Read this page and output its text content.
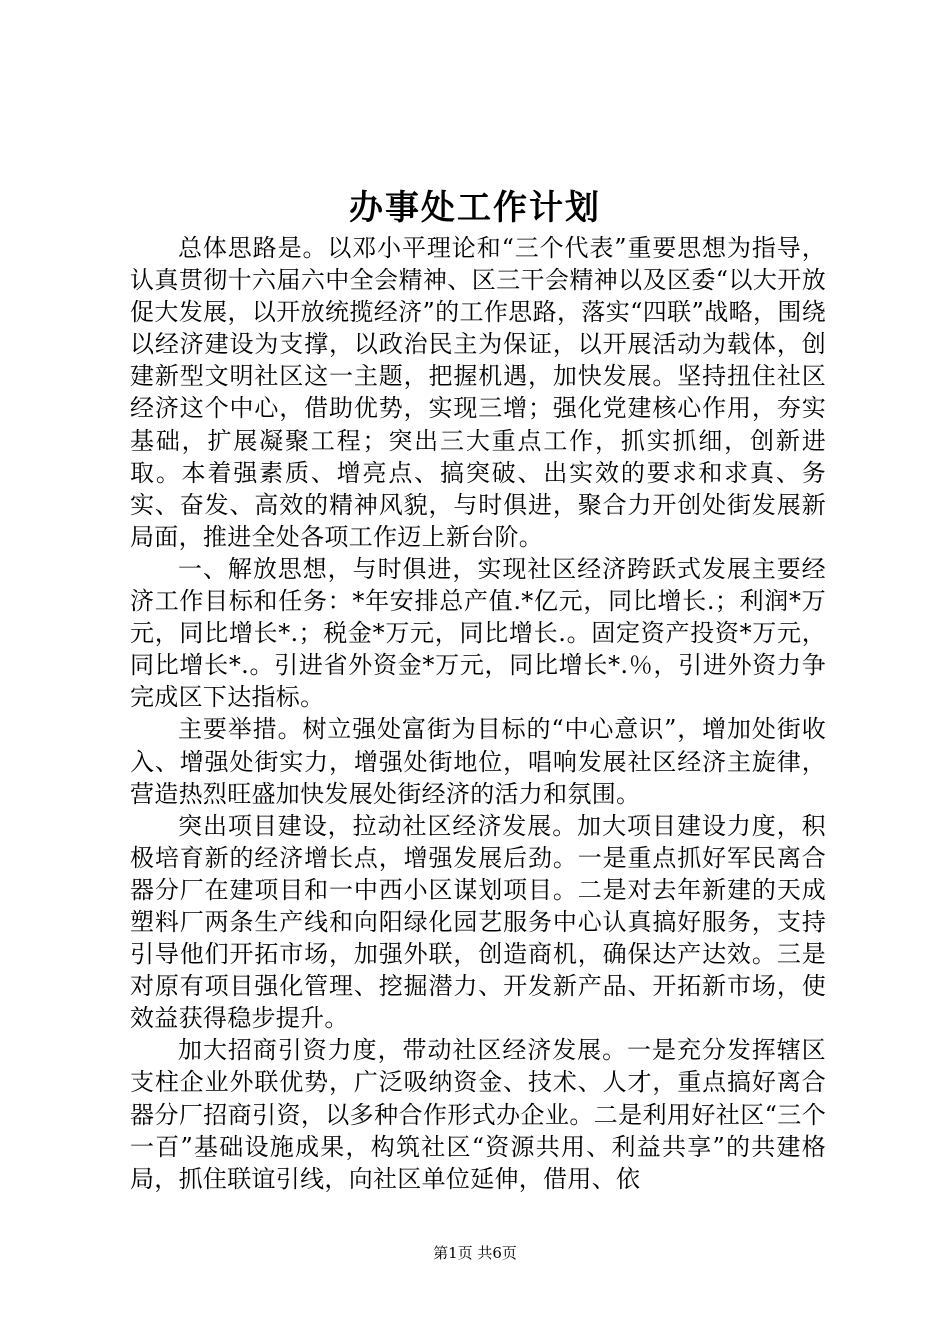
办事处工作计划

总体思路是。以邓小平理论和“三个代表”重要思想为指导，认真贯彻十六届六中全会精神、区三干会精神以及区委“以大开放促大发展，以开放统揽经济”的工作思路，落实“四联”战略，围绕以经济建设为支撑，以政治民主为保证，以开展活动为载体，创建新型文明社区这一主题，把握机遇，加快发展。坚持扭住社区经济这个中心，借助优势，实现三增；强化党建核心作用，夯实基础，扩展凝聚工程；突出三大重点工作，抓实抓细，创新进取。本着强素质、增亮点、搞突破、出实效的要求和求真、务实、奋发、高效的精神风貌，与时俱进，聚合力开创处街发展新局面，推进全处各项工作迈上新台阶。

一、解放思想，与时俱进，实现社区经济跨跃式发展主要经济工作目标和任务：*年安排总产值.*亿元，同比增长.；利润*万元，同比增长*.；税金*万元，同比增长.。固定资产投资*万元，同比增长*.。引进省外资金*万元，同比增长*.％，引进外资力争完成区下达指标。

主要举措。树立强处富街为目标的“中心意识”，增加处街收入、增强处街实力，增强处街地位，唱响发展社区经济主旋律，营造热烈旺盛加快发展处街经济的活力和氛围。

突出项目建设，拉动社区经济发展。加大项目建设力度，积极培育新的经济增长点，增强发展后劲。一是重点抓好军民离合器分厂在建项目和一中西小区谋划项目。二是对去年新建的天成塑料厂两条生产线和向阳绿化园艺服务中心认真搞好服务，支持引导他们开拓市场，加强外联，创造商机，确保达产达效。三是对原有项目强化管理、挖掘潜力、开发新产品、开拓新市场，使效益获得稳步提升。

加大招商引资力度，带动社区经济发展。一是充分发挥辖区支柱企业外联优势，广泛吸纳资金、技术、人才，重点搞好离合器分厂招商引资，以多种合作形式办企业。二是利用好社区“三个一百”基础设施成果，构筑社区“资源共用、利益共享”的共建格局，抓住联谊引线，向社区单位延伸，借用、依

第1页 共6页
